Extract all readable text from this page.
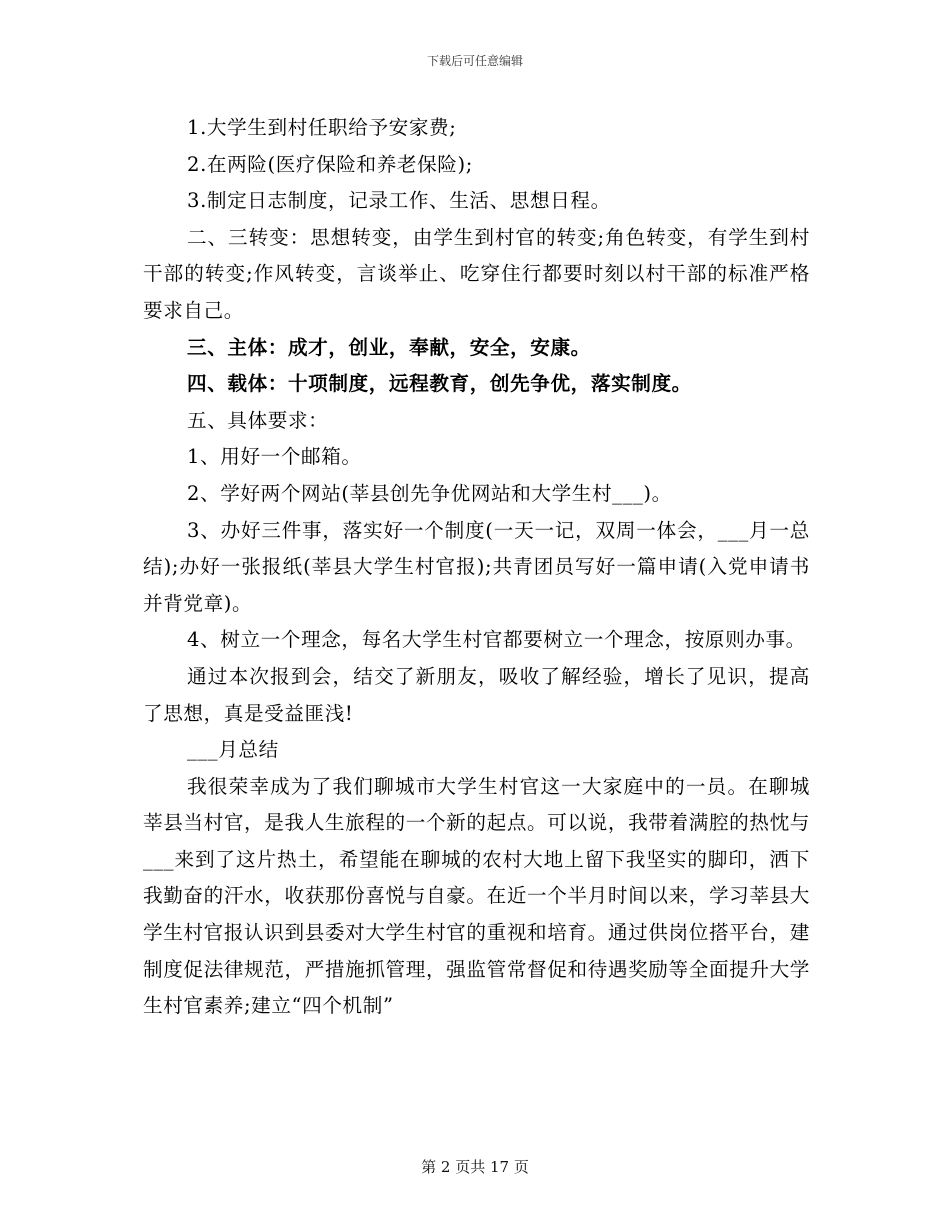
下载后可任意编辑

1.大学生到村任职给予安家费;

2.在两险(医疗保险和养老保险);

3.制定日志制度，记录工作、生活、思想日程。

二、三转变：思想转变，由学生到村官的转变;角色转变，有学生到村干部的转变;作风转变，言谈举止、吃穿住行都要时刻以村干部的标准严格要求自己。

三、主体：成才，创业，奉献，安全，安康。

四、载体：十项制度，远程教育，创先争优，落实制度。

五、具体要求：

1、用好一个邮箱。

2、学好两个网站(莘县创先争优网站和大学生村___)。

3、办好三件事，落实好一个制度(一天一记，双周一体会，___月一总结);办好一张报纸(莘县大学生村官报);共青团员写好一篇申请(入党申请书并背党章)。

4、树立一个理念，每名大学生村官都要树立一个理念，按原则办事。

通过本次报到会，结交了新朋友，吸收了解经验，增长了见识，提高了思想，真是受益匪浅!

___月总结

我很荣幸成为了我们聊城市大学生村官这一大家庭中的一员。在聊城莘县当村官，是我人生旅程的一个新的起点。可以说，我带着满腔的热忱与___来到了这片热土，希望能在聊城的农村大地上留下我坚实的脚印，洒下我勤奋的汗水，收获那份喜悦与自豪。在近一个半月时间以来，学习莘县大学生村官报认识到县委对大学生村官的重视和培育。通过供岗位搭平台，建制度促法律规范，严措施抓管理，强监管常督促和待遇奖励等全面提升大学生村官素养;建立“四个机制”

第 2 页共 17 页
